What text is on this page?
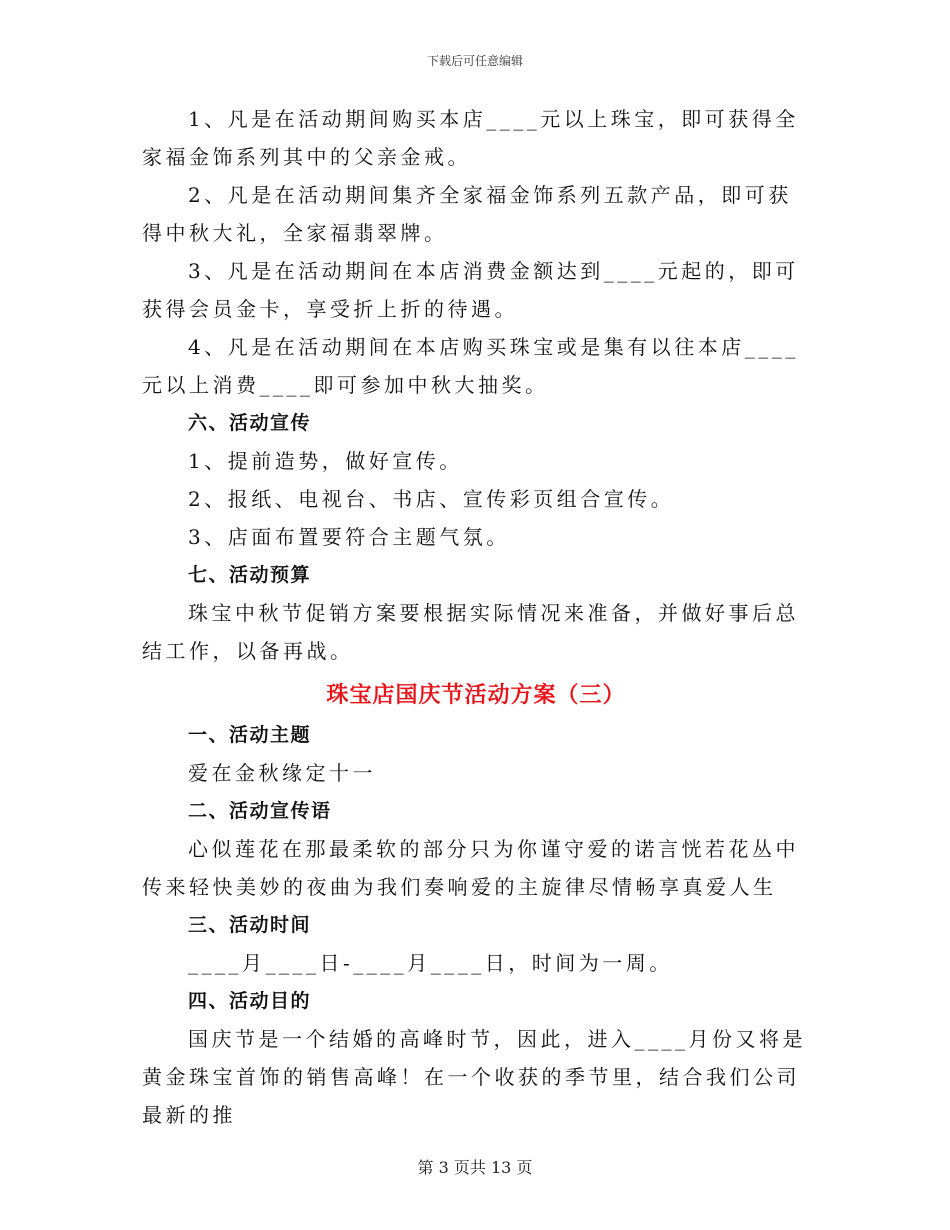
下载后可任意编辑

1、凡是在活动期间购买本店____元以上珠宝，即可获得全家福金饰系列其中的父亲金戒。

2、凡是在活动期间集齐全家福金饰系列五款产品，即可获得中秋大礼，全家福翡翠牌。

3、凡是在活动期间在本店消费金额达到____元起的，即可获得会员金卡，享受折上折的待遇。

4、凡是在活动期间在本店购买珠宝或是集有以往本店____元以上消费____即可参加中秋大抽奖。

六、活动宣传

1、提前造势，做好宣传。

2、报纸、电视台、书店、宣传彩页组合宣传。

3、店面布置要符合主题气氛。

七、活动预算

珠宝中秋节促销方案要根据实际情况来准备，并做好事后总结工作，以备再战。

珠宝店国庆节活动方案（三）

一、活动主题

爱在金秋缘定十一

二、活动宣传语

心似莲花在那最柔软的部分只为你谨守爱的诺言恍若花丛中传来轻快美妙的夜曲为我们奏响爱的主旋律尽情畅享真爱人生

三、活动时间

____月____日-____月____日，时间为一周。

四、活动目的

国庆节是一个结婚的高峰时节，因此，进入____月份又将是黄金珠宝首饰的销售高峰！在一个收获的季节里，结合我们公司最新的推

第 3 页共 13 页
